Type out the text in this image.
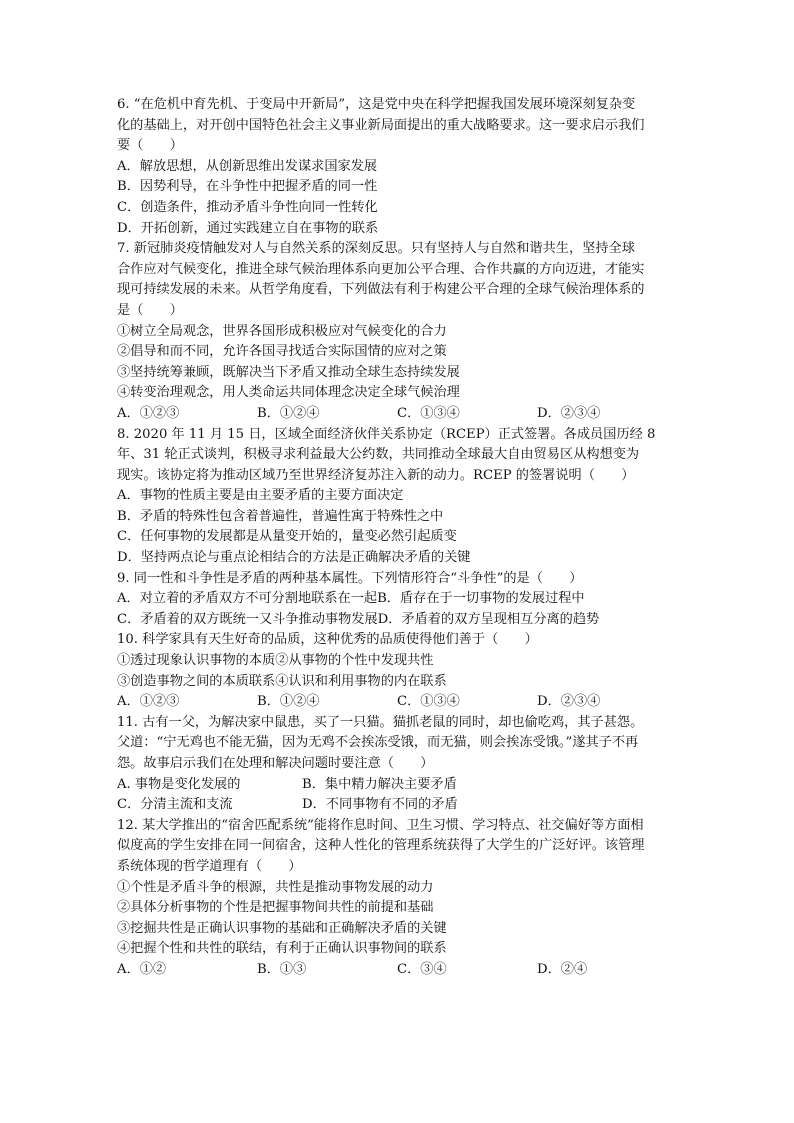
6. “在危机中育先机、于变局中开新局”，这是党中央在科学把握我国发展环境深刻复杂变
化的基础上，对开创中国特色社会主义事业新局面提出的重大战略要求。这一要求启示我们
要（　　）
A．解放思想，从创新思维出发谋求国家发展
B．因势利导，在斗争性中把握矛盾的同一性
C．创造条件，推动矛盾斗争性向同一性转化
D．开拓创新，通过实践建立自在事物的联系
7. 新冠肺炎疫情触发对人与自然关系的深刻反思。只有坚持人与自然和谐共生，坚持全球
合作应对气候变化，推进全球气候治理体系向更加公平合理、合作共赢的方向迈进，才能实
现可持续发展的未来。从哲学角度看，下列做法有利于构建公平合理的全球气候治理体系的
是（　　）
①树立全局观念，世界各国形成积极应对气候变化的合力
②倡导和而不同，允许各国寻找适合实际国情的应对之策
③坚持统筹兼顾，既解决当下矛盾又推动全球生态持续发展
④转变治理观念，用人类命运共同体理念决定全球气候治理
A．①②③	B．①②④	C．①③④	D．②③④
8. 2020 年 11 月 15 日，区域全面经济伙伴关系协定（RCEP）正式签署。各成员国历经 8
年、31 轮正式谈判，积极寻求利益最大公约数，共同推动全球最大自由贸易区从构想变为
现实。该协定将为推动区域乃至世界经济复苏注入新的动力。RCEP 的签署说明（　　）
A．事物的性质主要是由主要矛盾的主要方面决定
B．矛盾的特殊性包含着普遍性，普遍性寓于特殊性之中
C．任何事物的发展都是从量变开始的，量变必然引起质变
D．坚持两点论与重点论相结合的方法是正确解决矛盾的关键
9. 同一性和斗争性是矛盾的两种基本属性。下列情形符合“斗争性”的是（　　）
A．对立着的矛盾双方不可分割地联系在一起B．盾存在于一切事物的发展过程中
C．矛盾着的双方既统一又斗争推动事物发展D．矛盾着的双方呈现相互分离的趋势
10. 科学家具有天生好奇的品质，这种优秀的品质使得他们善于（　　）
①透过现象认识事物的本质②从事物的个性中发现共性
③创造事物之间的本质联系④认识和利用事物的内在联系
A．①②③	B．①②④	C．①③④	D．②③④
11. 古有一父，为解决家中鼠患，买了一只猫。猫抓老鼠的同时，却也偷吃鸡，其子甚怨。
父道：“宁无鸡也不能无猫，因为无鸡不会挨冻受饿，而无猫，则会挨冻受饿。”遂其子不再
怨。故事启示我们在处理和解决问题时要注意（　　）
A. 事物是变化发展的	B．集中精力解决主要矛盾
C．分清主流和支流	D．不同事物有不同的矛盾
12. 某大学推出的“宿舍匹配系统”能将作息时间、卫生习惯、学习特点、社交偏好等方面相
似度高的学生安排在同一间宿舍，这种人性化的管理系统获得了大学生的广泛好评。该管理
系统体现的哲学道理有（　　）
①个性是矛盾斗争的根源，共性是推动事物发展的动力
②具体分析事物的个性是把握事物间共性的前提和基础
③挖掘共性是正确认识事物的基础和正确解决矛盾的关键
④把握个性和共性的联结，有利于正确认识事物间的联系
A．①②	B．①③	C．③④	D．②④
